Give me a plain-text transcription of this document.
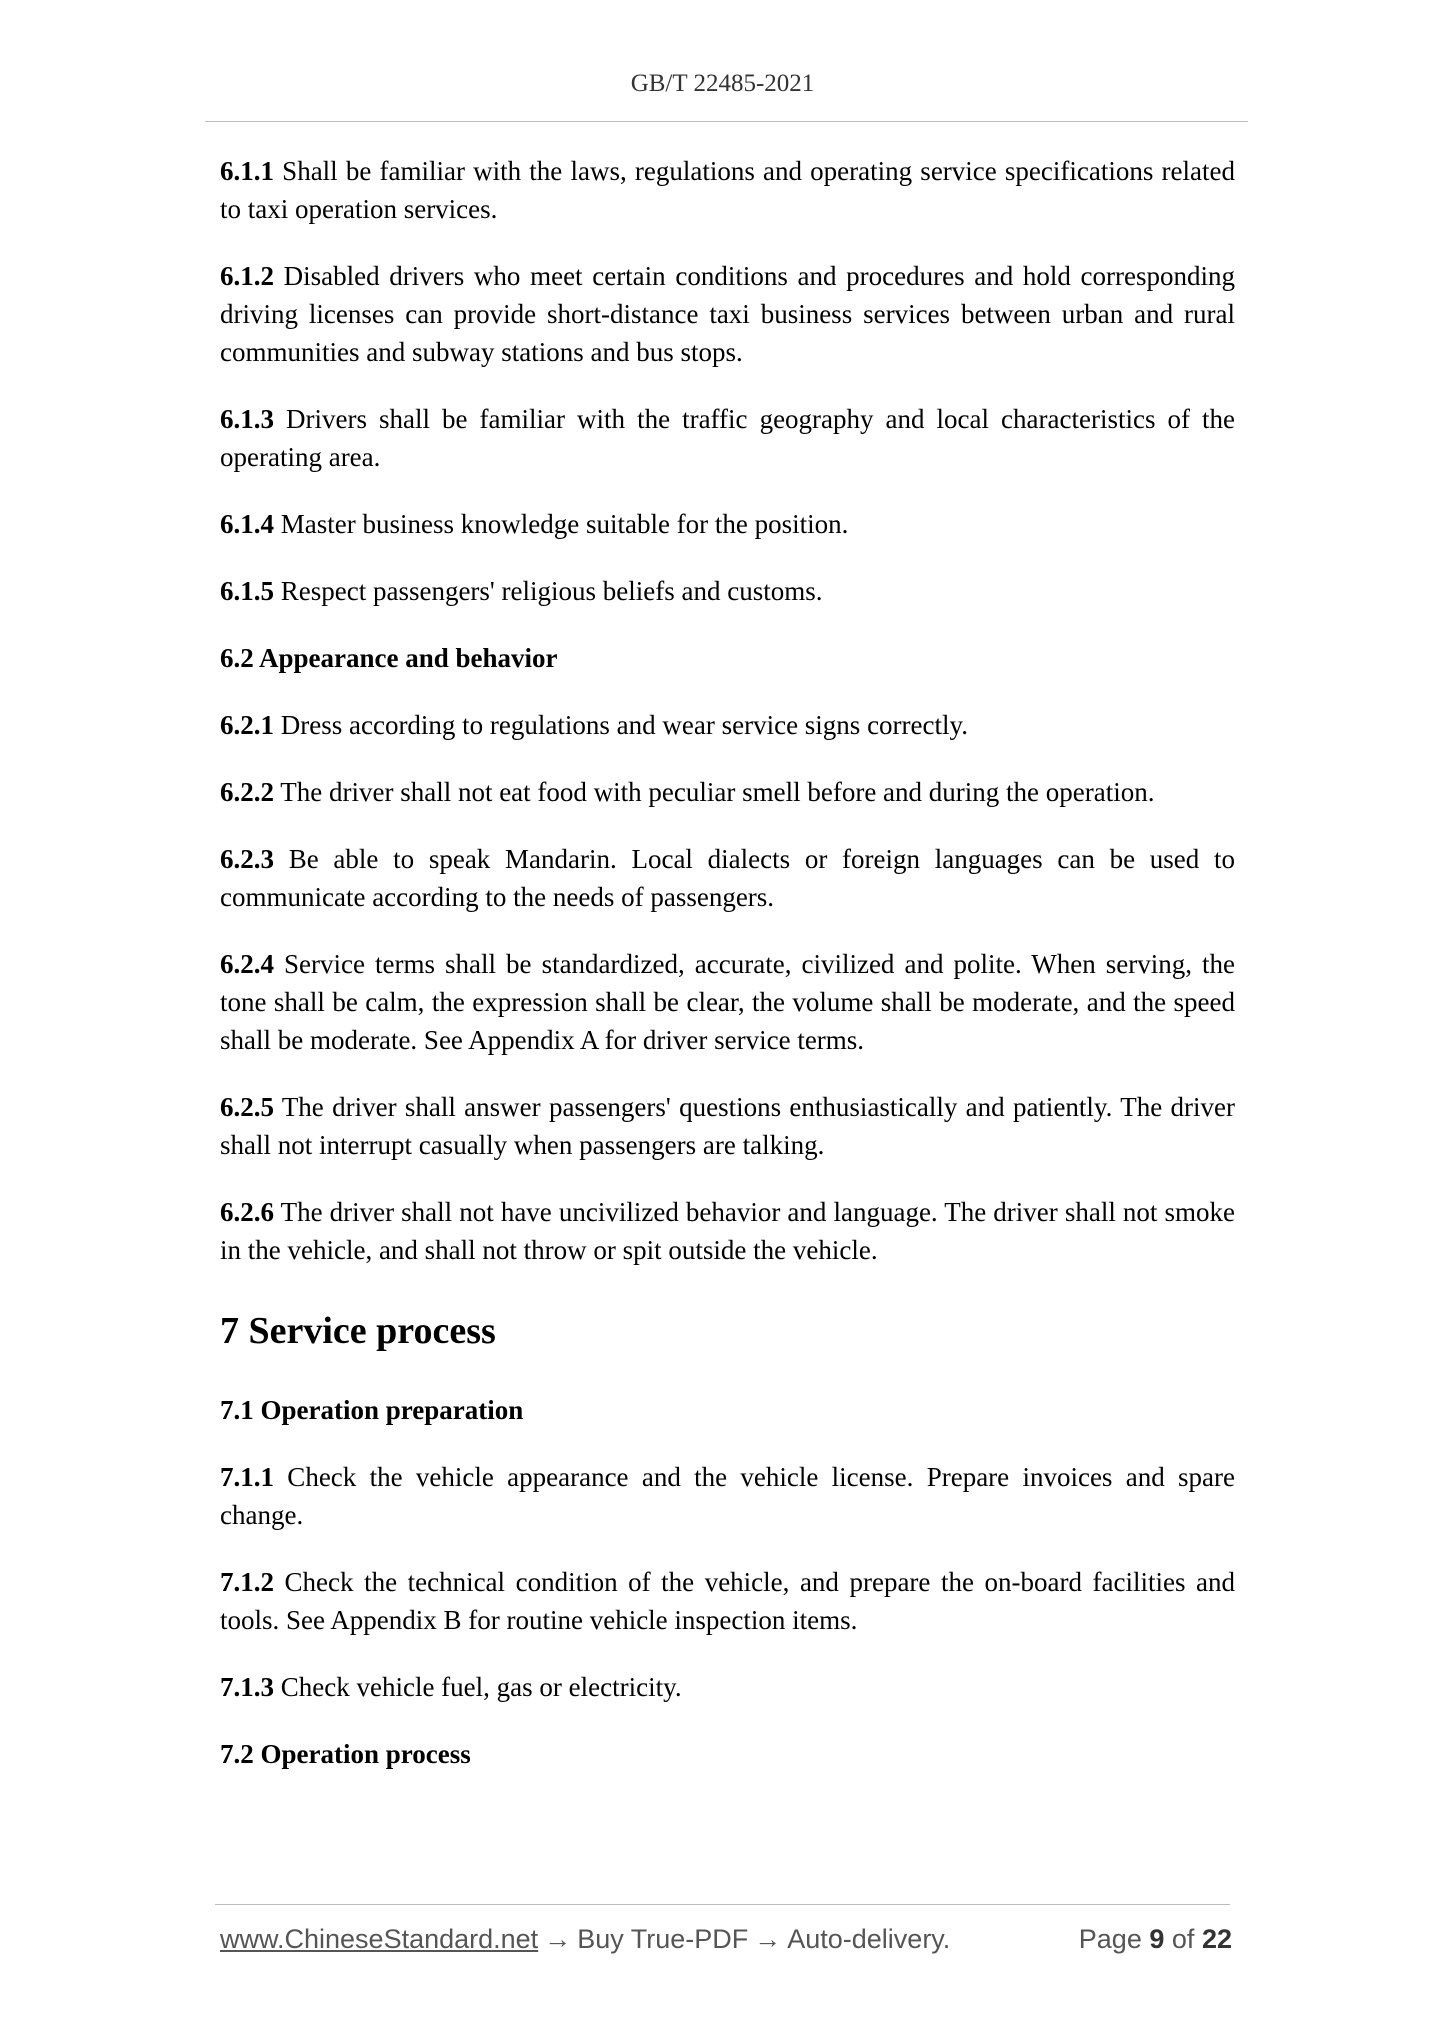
GB/T 22485-2021

6.1.1 Shall be familiar with the laws, regulations and operating service specifications related to taxi operation services.

6.1.2 Disabled drivers who meet certain conditions and procedures and hold corresponding driving licenses can provide short-distance taxi business services between urban and rural communities and subway stations and bus stops.

6.1.3 Drivers shall be familiar with the traffic geography and local characteristics of the operating area.

6.1.4 Master business knowledge suitable for the position.

6.1.5 Respect passengers' religious beliefs and customs.

6.2 Appearance and behavior

6.2.1 Dress according to regulations and wear service signs correctly.

6.2.2 The driver shall not eat food with peculiar smell before and during the operation.

6.2.3 Be able to speak Mandarin. Local dialects or foreign languages can be used to communicate according to the needs of passengers.

6.2.4 Service terms shall be standardized, accurate, civilized and polite. When serving, the tone shall be calm, the expression shall be clear, the volume shall be moderate, and the speed shall be moderate. See Appendix A for driver service terms.

6.2.5 The driver shall answer passengers' questions enthusiastically and patiently. The driver shall not interrupt casually when passengers are talking.

6.2.6 The driver shall not have uncivilized behavior and language. The driver shall not smoke in the vehicle, and shall not throw or spit outside the vehicle.

7 Service process

7.1 Operation preparation

7.1.1 Check the vehicle appearance and the vehicle license. Prepare invoices and spare change.

7.1.2 Check the technical condition of the vehicle, and prepare the on-board facilities and tools. See Appendix B for routine vehicle inspection items.

7.1.3 Check vehicle fuel, gas or electricity.

7.2 Operation process

www.ChineseStandard.net → Buy True-PDF → Auto-delivery.	Page 9 of 22
